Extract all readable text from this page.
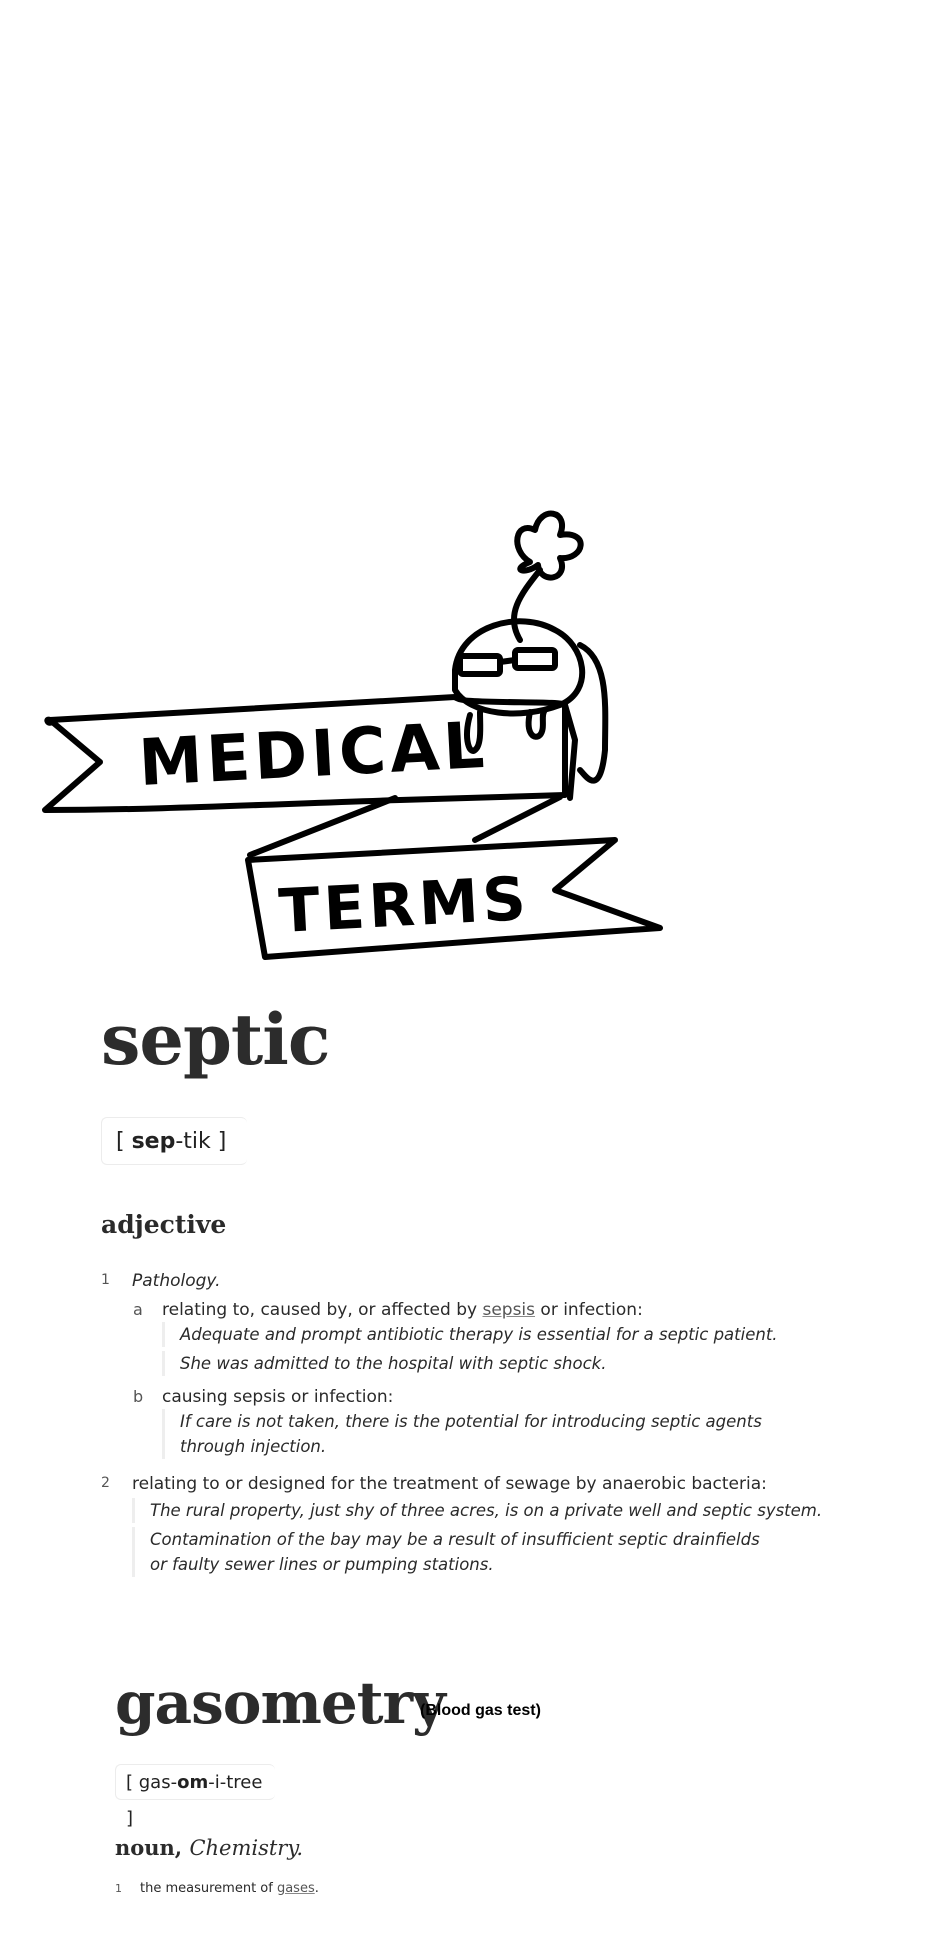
MEDICAL
TERMS
septic
[ sep-tik ]
adjective
1 Pathology.
a relating to, caused by, or affected by sepsis or infection:
Adequate and prompt antibiotic therapy is essential for a septic patient.
She was admitted to the hospital with septic shock.
b causing sepsis or infection:
If care is not taken, there is the potential for introducing septic agents through injection.
2 relating to or designed for the treatment of sewage by anaerobic bacteria:
The rural property, just shy of three acres, is on a private well and septic system.
Contamination of the bay may be a result of insufficient septic drainfields or faulty sewer lines or pumping stations.
gasometry
(Blood gas test)
[ gas-om-i-tree ]
noun, Chemistry.
1 the measurement of gases.
